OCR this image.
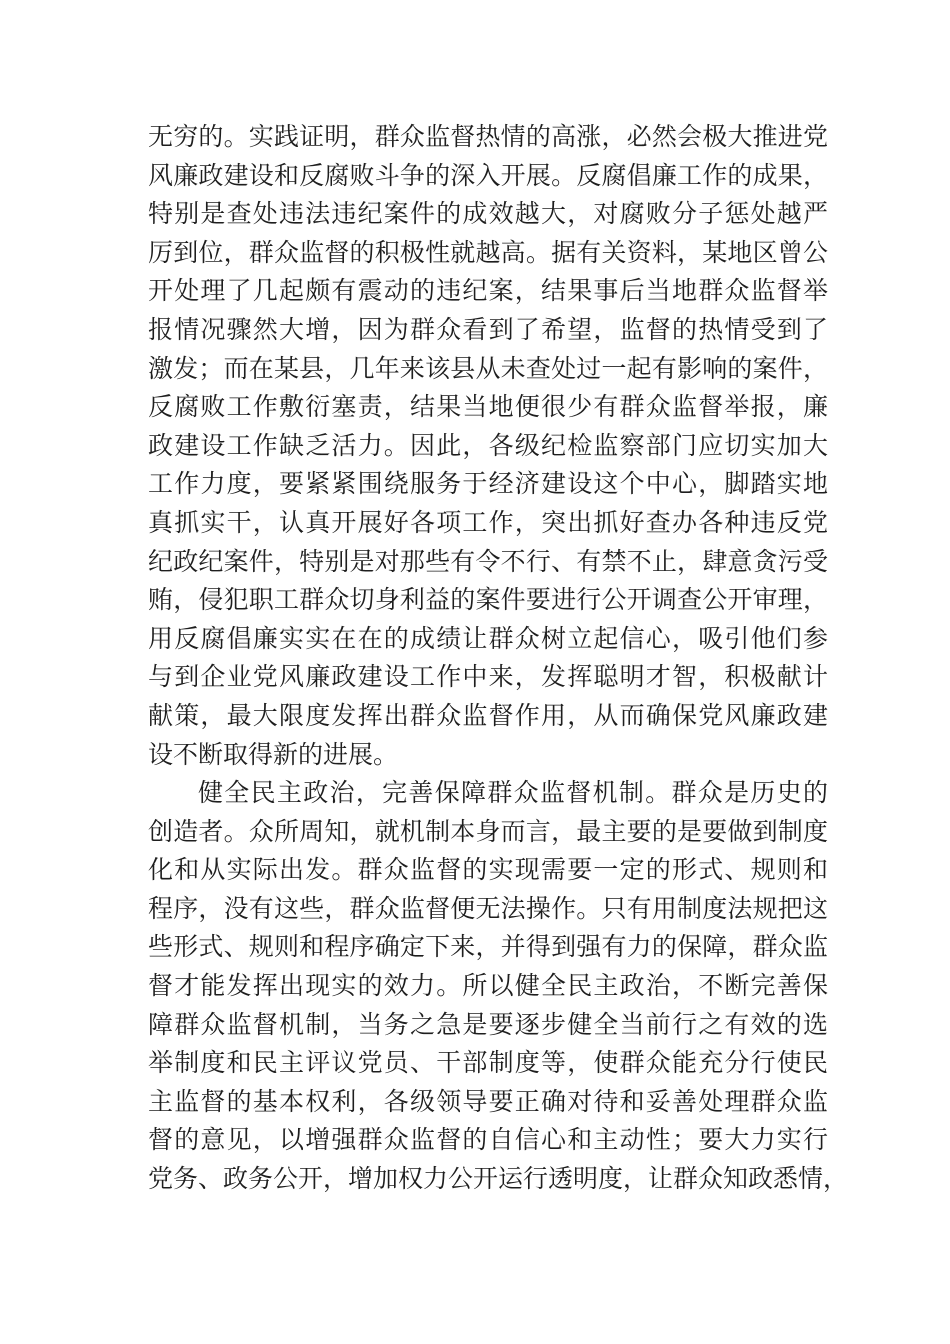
无穷的。实践证明，群众监督热情的高涨，必然会极大推进党
风廉政建设和反腐败斗争的深入开展。反腐倡廉工作的成果，
特别是查处违法违纪案件的成效越大，对腐败分子惩处越严
厉到位，群众监督的积极性就越高。据有关资料，某地区曾公
开处理了几起颇有震动的违纪案，结果事后当地群众监督举
报情况骤然大增，因为群众看到了希望，监督的热情受到了
激发；而在某县，几年来该县从未查处过一起有影响的案件，
反腐败工作敷衍塞责，结果当地便很少有群众监督举报，廉
政建设工作缺乏活力。因此，各级纪检监察部门应切实加大
工作力度，要紧紧围绕服务于经济建设这个中心，脚踏实地
真抓实干，认真开展好各项工作，突出抓好查办各种违反党
纪政纪案件，特别是对那些有令不行、有禁不止，肆意贪污受
贿，侵犯职工群众切身利益的案件要进行公开调查公开审理，
用反腐倡廉实实在在的成绩让群众树立起信心，吸引他们参
与到企业党风廉政建设工作中来，发挥聪明才智，积极献计
献策，最大限度发挥出群众监督作用，从而确保党风廉政建
设不断取得新的进展。
健全民主政治，完善保障群众监督机制。群众是历史的
创造者。众所周知，就机制本身而言，最主要的是要做到制度
化和从实际出发。群众监督的实现需要一定的形式、规则和
程序，没有这些，群众监督便无法操作。只有用制度法规把这
些形式、规则和程序确定下来，并得到强有力的保障，群众监
督才能发挥出现实的效力。所以健全民主政治，不断完善保
障群众监督机制，当务之急是要逐步健全当前行之有效的选
举制度和民主评议党员、干部制度等，使群众能充分行使民
主监督的基本权利，各级领导要正确对待和妥善处理群众监
督的意见，以增强群众监督的自信心和主动性；要大力实行
党务、政务公开，增加权力公开运行透明度，让群众知政悉情，
